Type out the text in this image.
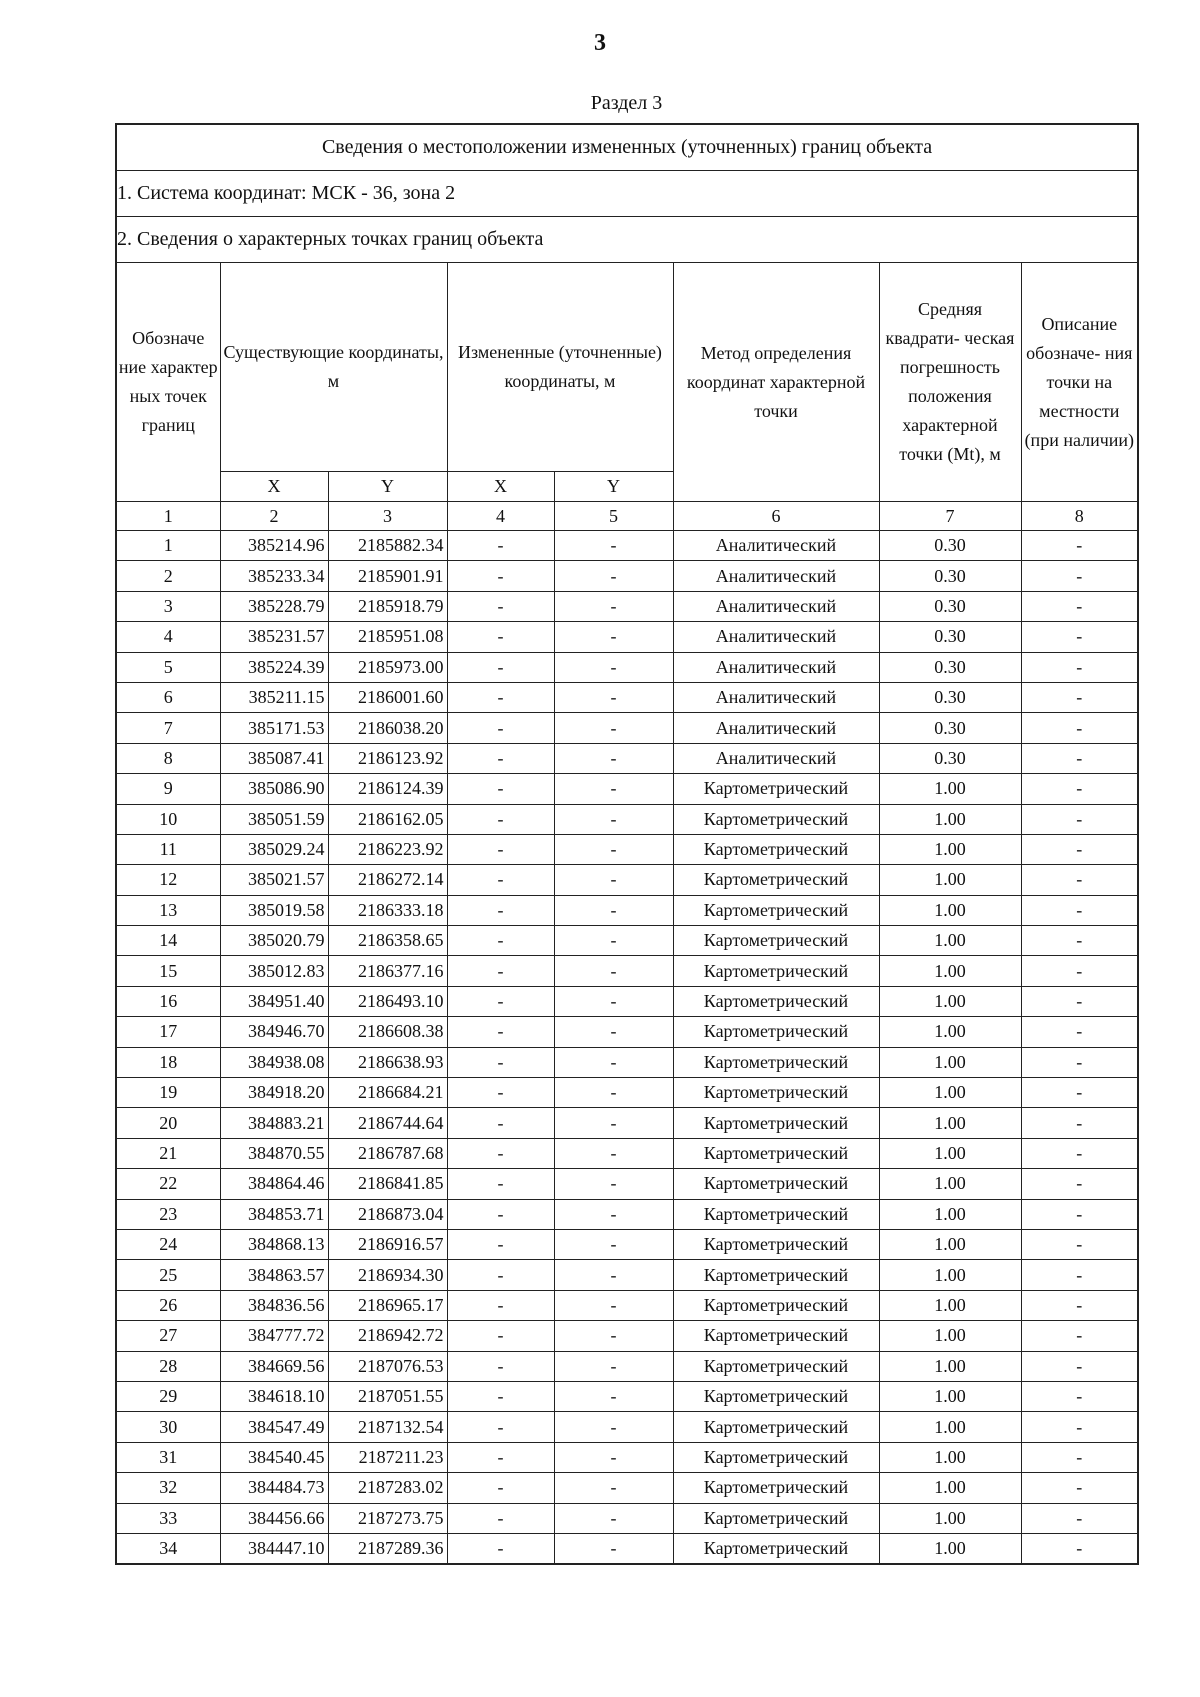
3
Раздел 3
Сведения о местоположении измененных (уточненных) границ объекта							
1. Система координат: МСК - 36, зона 2							
2. Сведения о характерных точках границ объекта							
Обозначе ние характер ных точек границ	Существующие координаты, м		Измененные (уточненные) координаты, м		Метод определения координат характерной точки	Средняя квадрати- ческая погрешность положения характерной точки (Mt), м	Описание обозначе- ния точки на местности (при наличии)
	X	Y	X	Y			
1	2	3	4	5	6	7	8
1	385214.96	2185882.34	-	-	Аналитический	0.30	-
2	385233.34	2185901.91	-	-	Аналитический	0.30	-
3	385228.79	2185918.79	-	-	Аналитический	0.30	-
4	385231.57	2185951.08	-	-	Аналитический	0.30	-
5	385224.39	2185973.00	-	-	Аналитический	0.30	-
6	385211.15	2186001.60	-	-	Аналитический	0.30	-
7	385171.53	2186038.20	-	-	Аналитический	0.30	-
8	385087.41	2186123.92	-	-	Аналитический	0.30	-
9	385086.90	2186124.39	-	-	Картометрический	1.00	-
10	385051.59	2186162.05	-	-	Картометрический	1.00	-
11	385029.24	2186223.92	-	-	Картометрический	1.00	-
12	385021.57	2186272.14	-	-	Картометрический	1.00	-
13	385019.58	2186333.18	-	-	Картометрический	1.00	-
14	385020.79	2186358.65	-	-	Картометрический	1.00	-
15	385012.83	2186377.16	-	-	Картометрический	1.00	-
16	384951.40	2186493.10	-	-	Картометрический	1.00	-
17	384946.70	2186608.38	-	-	Картометрический	1.00	-
18	384938.08	2186638.93	-	-	Картометрический	1.00	-
19	384918.20	2186684.21	-	-	Картометрический	1.00	-
20	384883.21	2186744.64	-	-	Картометрический	1.00	-
21	384870.55	2186787.68	-	-	Картометрический	1.00	-
22	384864.46	2186841.85	-	-	Картометрический	1.00	-
23	384853.71	2186873.04	-	-	Картометрический	1.00	-
24	384868.13	2186916.57	-	-	Картометрический	1.00	-
25	384863.57	2186934.30	-	-	Картометрический	1.00	-
26	384836.56	2186965.17	-	-	Картометрический	1.00	-
27	384777.72	2186942.72	-	-	Картометрический	1.00	-
28	384669.56	2187076.53	-	-	Картометрический	1.00	-
29	384618.10	2187051.55	-	-	Картометрический	1.00	-
30	384547.49	2187132.54	-	-	Картометрический	1.00	-
31	384540.45	2187211.23	-	-	Картометрический	1.00	-
32	384484.73	2187283.02	-	-	Картометрический	1.00	-
33	384456.66	2187273.75	-	-	Картометрический	1.00	-
34	384447.10	2187289.36	-	-	Картометрический	1.00	-
